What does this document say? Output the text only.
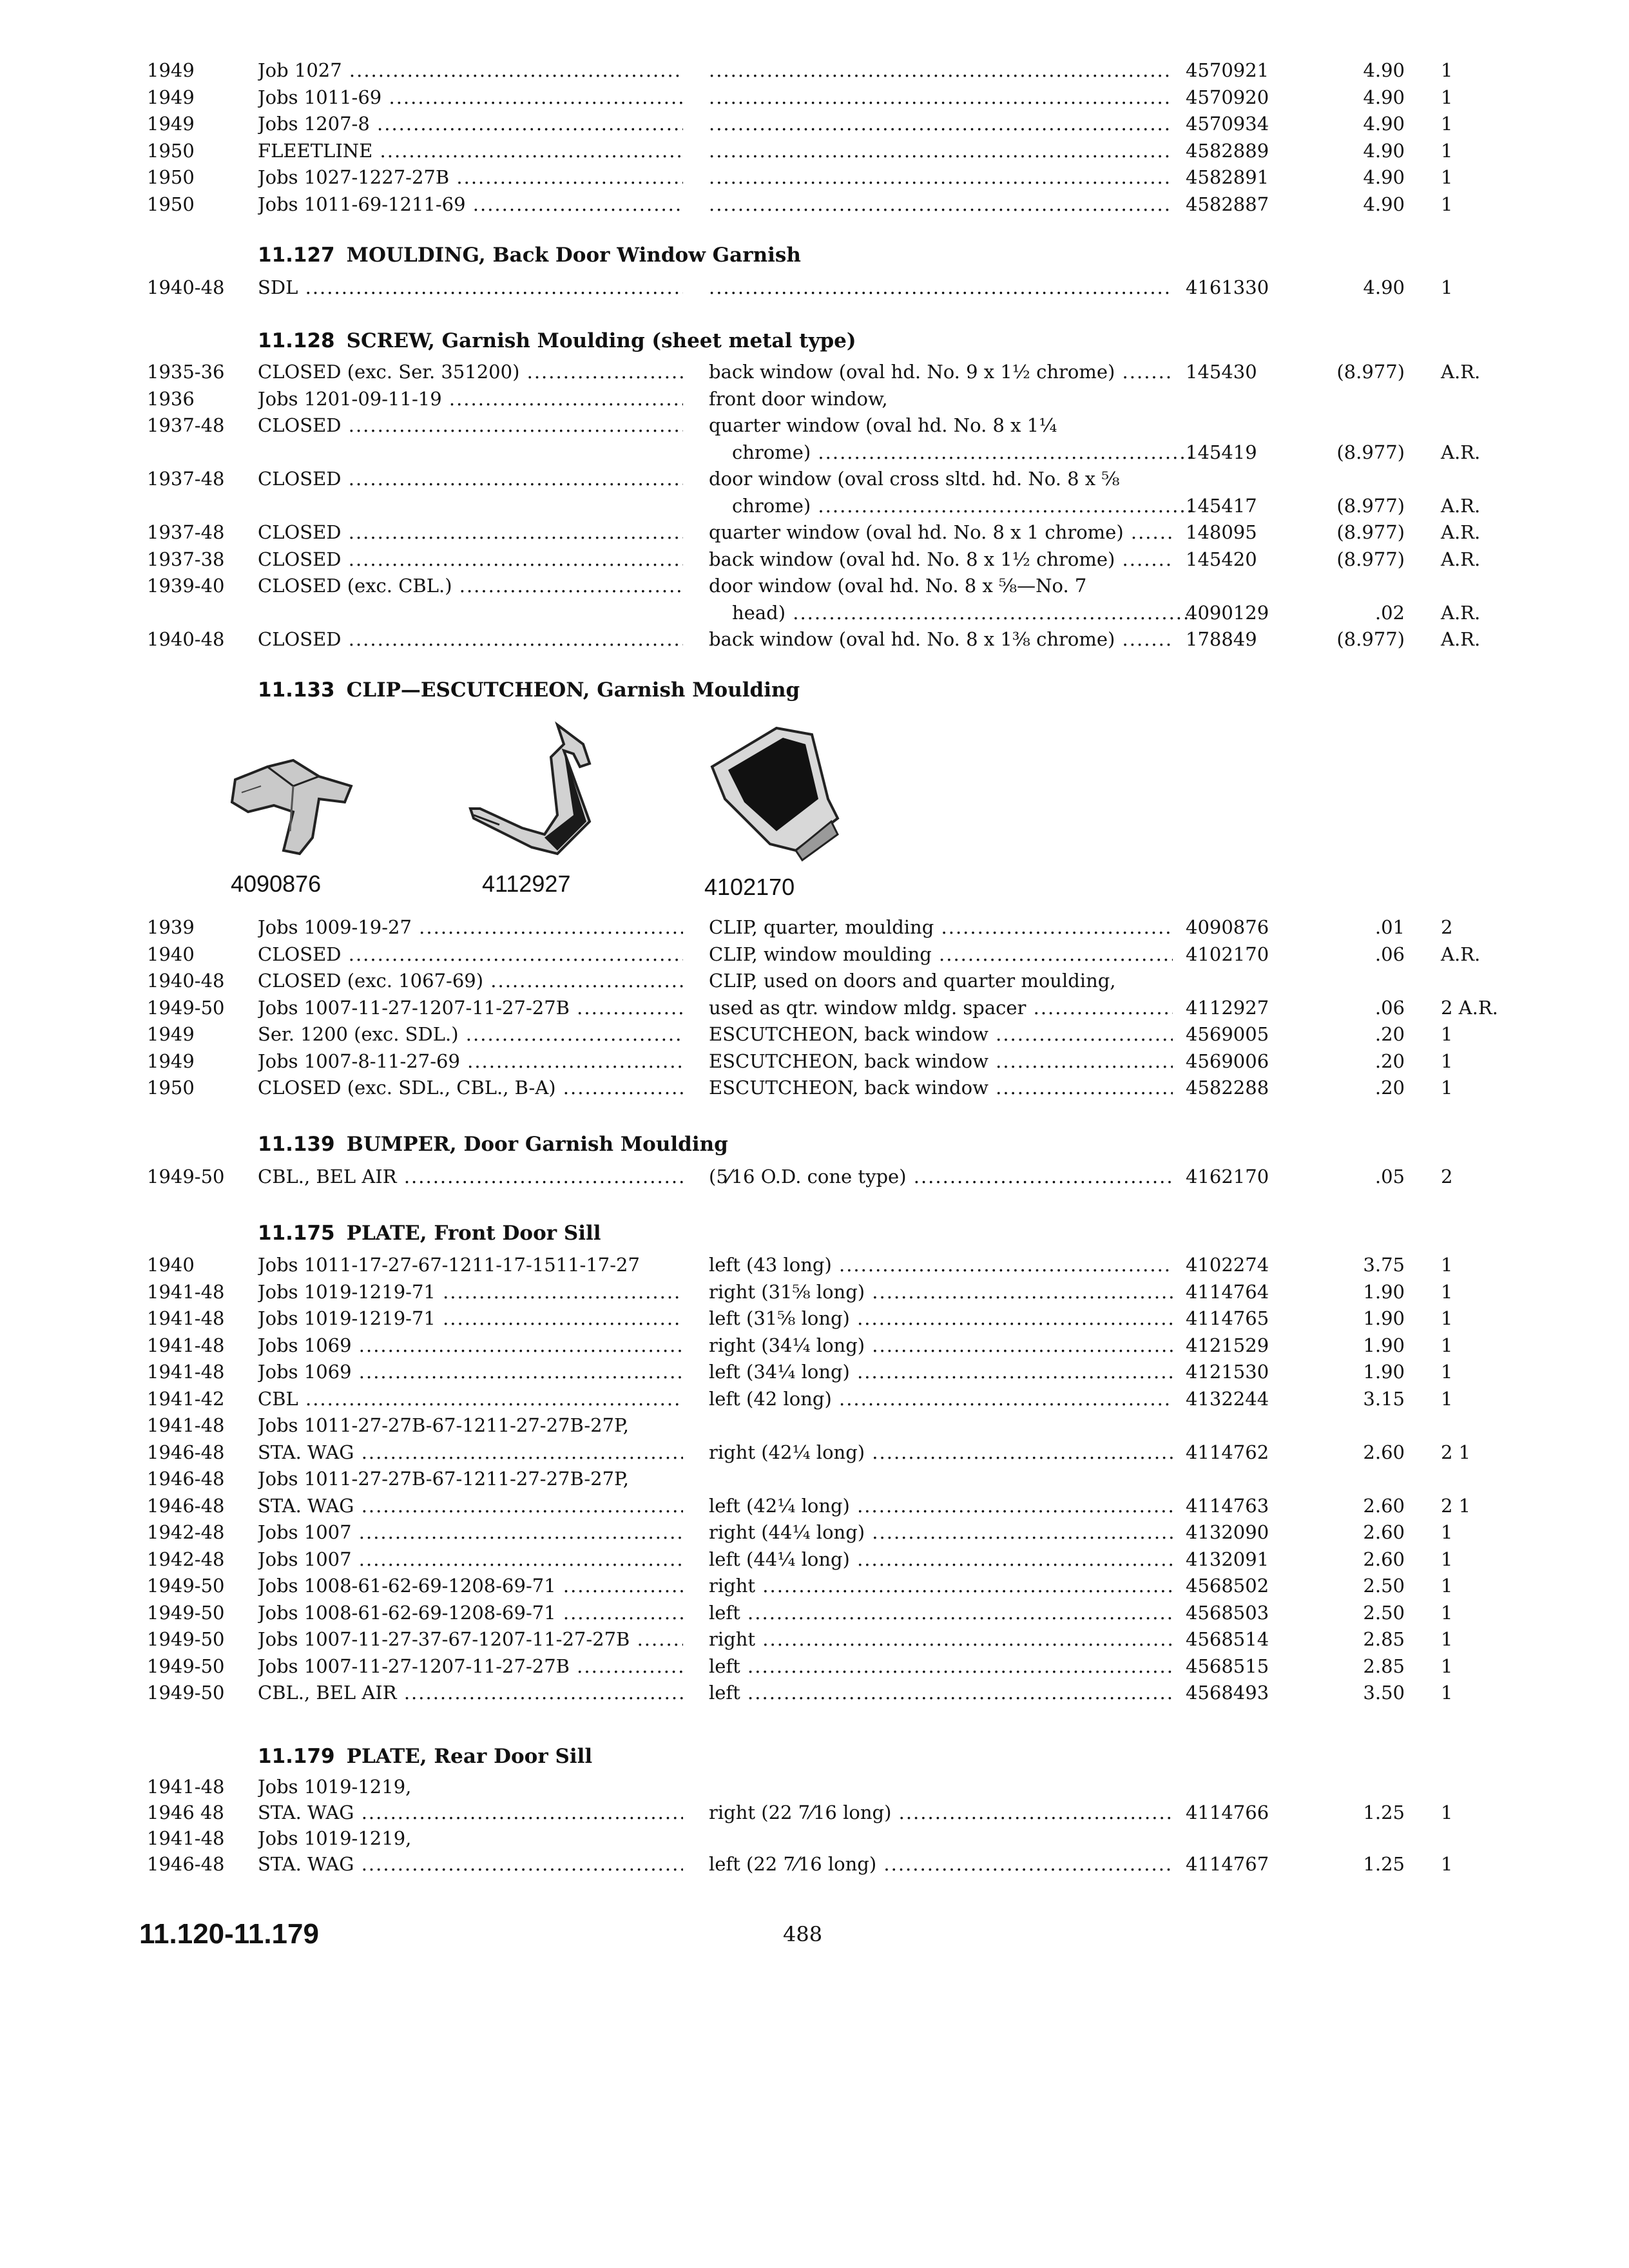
1949	Job 1027 ..... .....	4570921	4.90	1
1949	Jobs 1011-69 ..... .....	4570920	4.90	1
1949	Jobs 1207-8 ..... .....	4570934	4.90	1
1950	FLEETLINE ..... .....	4582889	4.90	1
1950	Jobs 1027-1227-27B ..... .....	4582891	4.90	1
1950	Jobs 1011-69-1211-69 ..... .....	4582887	4.90	1
11.127 MOULDING, Back Door Window Garnish
1940-48	SDL ..... .....	4161330	4.90	1
11.128 SCREW, Garnish Moulding (sheet metal type)
1935-36	CLOSED (exc. Ser. 351200) .....	back window (oval hd. No. 9 x 1½ chrome) .....	145430	(8.977)	A.R.
1936	Jobs 1201-09-11-19 .....	front door window,
1937-48	CLOSED .....	quarter window (oval hd. No. 8 x 1¼
chrome) .....	145419	(8.977)	A.R.
1937-48	CLOSED .....	door window (oval cross sltd. hd. No. 8 x ⅝
chrome) .....	145417	(8.977)	A.R.
1937-48	CLOSED .....	quarter window (oval hd. No. 8 x 1 chrome) .....	148095	(8.977)	A.R.
1937-38	CLOSED .....	back window (oval hd. No. 8 x 1½ chrome) .....	145420	(8.977)	A.R.
1939-40	CLOSED (exc. CBL.) .....	door window (oval hd. No. 8 x ⅝—No. 7
head) .....	4090129	.02	A.R.
1940-48	CLOSED .....	back window (oval hd. No. 8 x 1⅜ chrome) .....	178849	(8.977)	A.R.
11.133 CLIP—ESCUTCHEON, Garnish Moulding
4090876	4112927	4102170
1939	Jobs 1009-19-27 .....	CLIP, quarter, moulding .....	4090876	.01	2
1940	CLOSED .....	CLIP, window moulding .....	4102170	.06	A.R.
1940-48	CLOSED (exc. 1067-69) .....	CLIP, used on doors and quarter moulding,
1949-50	Jobs 1007-11-27-1207-11-27-27B .....	used as qtr. window mldg. spacer .....	4112927	.06	2 A.R.
1949	Ser. 1200 (exc. SDL.) .....	ESCUTCHEON, back window .....	4569005	.20	1
1949	Jobs 1007-8-11-27-69 .....	ESCUTCHEON, back window .....	4569006	.20	1
1950	CLOSED (exc. SDL., CBL., B-A) .....	ESCUTCHEON, back window .....	4582288	.20	1
11.139 BUMPER, Door Garnish Moulding
1949-50	CBL., BEL AIR .....	(5⁄16 O.D. cone type) .....	4162170	.05	2
11.175 PLATE, Front Door Sill
1940	Jobs 1011-17-27-67-1211-17-1511-17-27	left (43 long) .....	4102274	3.75	1
1941-48	Jobs 1019-1219-71 .....	right (31⅝ long) .....	4114764	1.90	1
1941-48	Jobs 1019-1219-71 .....	left (31⅝ long) .....	4114765	1.90	1
1941-48	Jobs 1069 .....	right (34¼ long) .....	4121529	1.90	1
1941-48	Jobs 1069 .....	left (34¼ long) .....	4121530	1.90	1
1941-42	CBL .....	left (42 long) .....	4132244	3.15	1
1941-48	Jobs 1011-27-27B-67-1211-27-27B-27P,
1946-48	STA. WAG .....	right (42¼ long) .....	4114762	2.60	2 1
1946-48	Jobs 1011-27-27B-67-1211-27-27B-27P,
1946-48	STA. WAG .....	left (42¼ long) .....	4114763	2.60	2 1
1942-48	Jobs 1007 .....	right (44¼ long) .....	4132090	2.60	1
1942-48	Jobs 1007 .....	left (44¼ long) .....	4132091	2.60	1
1949-50	Jobs 1008-61-62-69-1208-69-71 .....	right .....	4568502	2.50	1
1949-50	Jobs 1008-61-62-69-1208-69-71 .....	left .....	4568503	2.50	1
1949-50	Jobs 1007-11-27-37-67-1207-11-27-27B .....	right .....	4568514	2.85	1
1949-50	Jobs 1007-11-27-1207-11-27-27B .....	left .....	4568515	2.85	1
1949-50	CBL., BEL AIR .....	left .....	4568493	3.50	1
11.179 PLATE, Rear Door Sill
1941-48	Jobs 1019-1219,
1946 48	STA. WAG .....	right (22 7⁄16 long) .....	4114766	1.25	1
1941-48	Jobs 1019-1219,
1946-48	STA. WAG .....	left (22 7⁄16 long) .....	4114767	1.25	1
11.120-11.179	488
